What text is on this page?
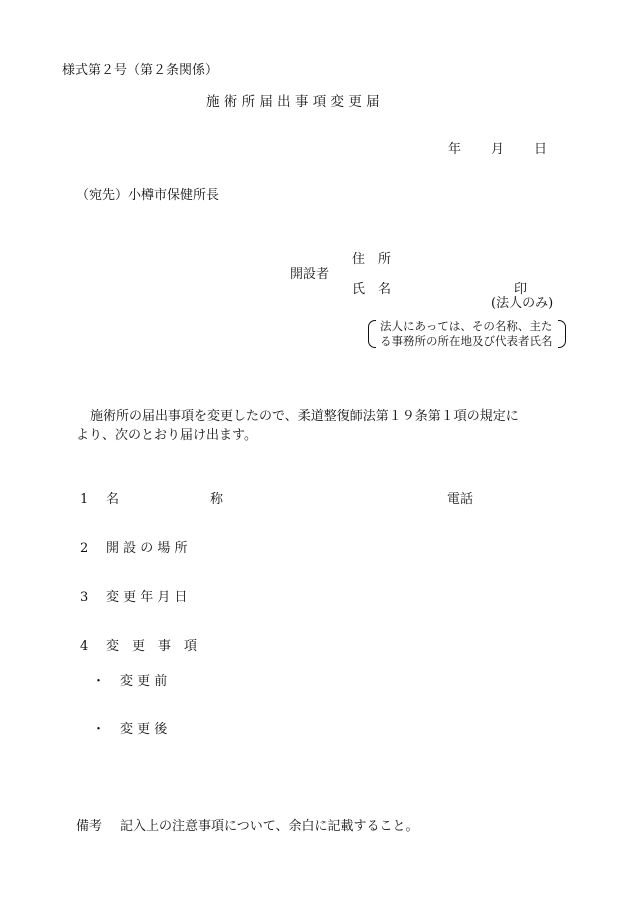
様式第２号（第２条関係）
施 術 所 届 出 事 項 変 更 届
年 月 日
（宛先）小樽市保健所長
住　所
開設者
氏　名	印
(法人のみ)
法人にあっては、その名称、主た
る事務所の所在地及び代表者氏名
施術所の届出事項を変更したので、柔道整復師法第１９条第１項の規定に
より、次のとおり届け出ます。
1 名　　　　　　　称	電話
2 開 設 の 場 所
3 変 更 年 月 日
4 変　更　事　項
・ 変 更 前
・ 変 更 後
備考 記入上の注意事項について、余白に記載すること。
